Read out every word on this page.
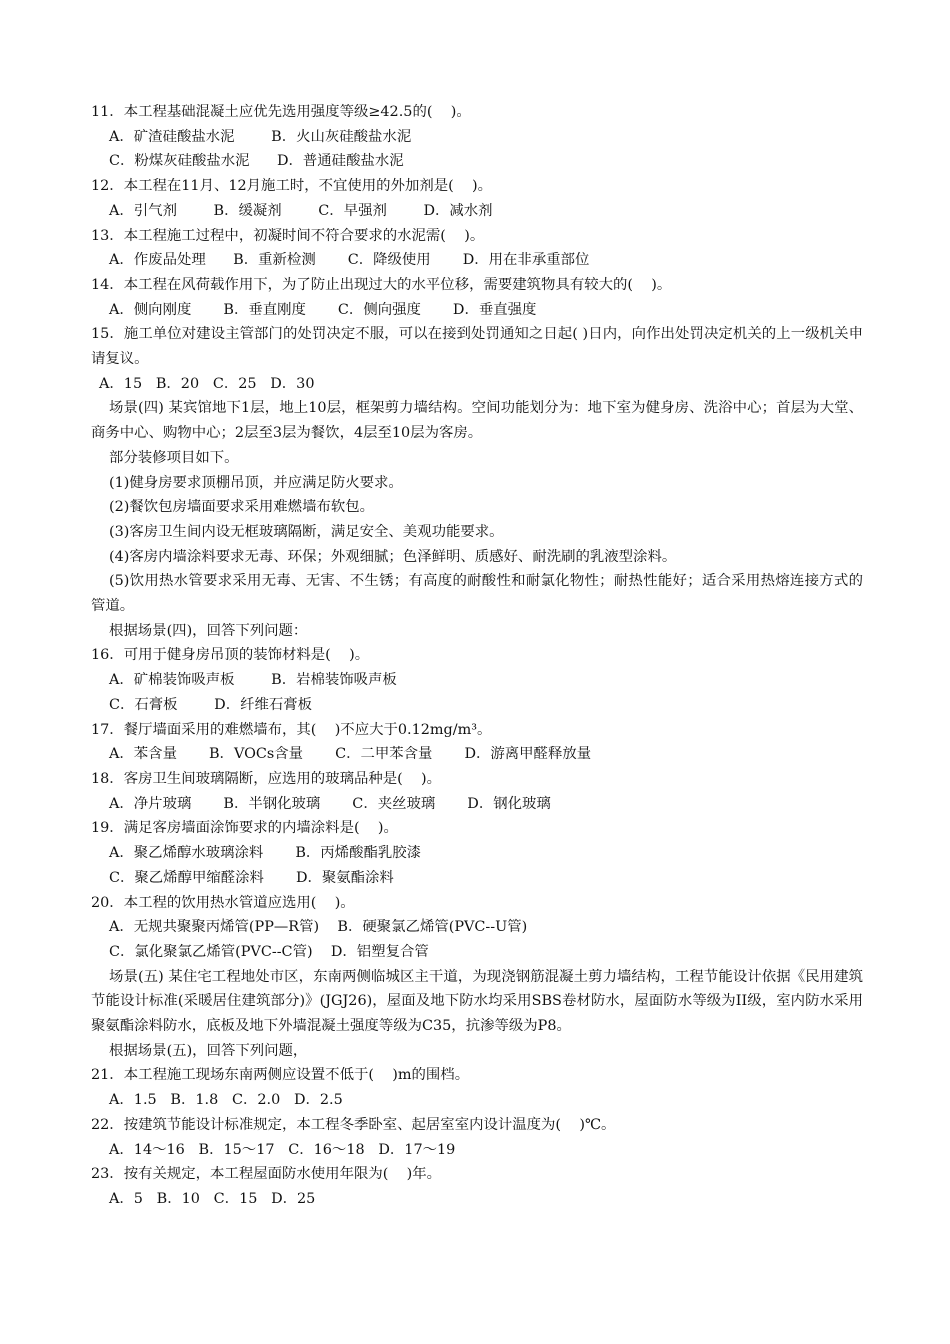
11．本工程基础混凝土应优先选用强度等级≥42.5的(    )。
A．矿渣硅酸盐水泥        B．火山灰硅酸盐水泥
C．粉煤灰硅酸盐水泥      D．普通硅酸盐水泥
12．本工程在11月、12月施工时，不宜使用的外加剂是(    )。
A．引气剂        B．缓凝剂        C．早强剂        D．减水剂
13．本工程施工过程中，初凝时间不符合要求的水泥需(    )。
A．作废品处理      B．重新检测       C．降级使用       D．用在非承重部位
14．本工程在风荷载作用下，为了防止出现过大的水平位移，需要建筑物具有较大的(    )。
A．侧向刚度       B．垂直刚度       C．侧向强度       D．垂直强度
15．施工单位对建设主管部门的处罚决定不服，可以在接到处罚通知之日起( )日内，向作出处罚决定机关的上一级机关申请复议。
A．15   B．20   C．25   D．30
场景(四) 某宾馆地下1层，地上10层，框架剪力墙结构。空间功能划分为：地下室为健身房、洗浴中心；首层为大堂、商务中心、购物中心；2层至3层为餐饮，4层至10层为客房。
部分装修项目如下。
(1)健身房要求顶棚吊顶，并应满足防火要求。
(2)餐饮包房墙面要求采用难燃墙布软包。
(3)客房卫生间内设无框玻璃隔断，满足安全、美观功能要求。
(4)客房内墙涂料要求无毒、环保；外观细腻；色泽鲜明、质感好、耐洗刷的乳液型涂料。
(5)饮用热水管要求采用无毒、无害、不生锈；有高度的耐酸性和耐氯化物性；耐热性能好；适合采用热熔连接方式的管道。
根据场景(四)，回答下列问题：
16．可用于健身房吊顶的装饰材料是(    )。
A．矿棉装饰吸声板        B．岩棉装饰吸声板
C．石膏板        D．纤维石膏板
17．餐厅墙面采用的难燃墙布，其(    )不应大于0.12mg/m³。
A．苯含量       B．VOCs含量       C．二甲苯含量       D．游离甲醛释放量
18．客房卫生间玻璃隔断，应选用的玻璃品种是(    )。
A．净片玻璃       B．半钢化玻璃       C．夹丝玻璃       D．钢化玻璃
19．满足客房墙面涂饰要求的内墙涂料是(    )。
A．聚乙烯醇水玻璃涂料       B．丙烯酸酯乳胶漆
C．聚乙烯醇甲缩醛涂料       D．聚氨酯涂料
20．本工程的饮用热水管道应选用(    )。
A．无规共聚聚丙烯管(PP—R管)    B．硬聚氯乙烯管(PVC--U管)
C．氯化聚氯乙烯管(PVC--C管)    D．铝塑复合管
场景(五) 某住宅工程地处市区，东南两侧临城区主干道，为现浇钢筋混凝土剪力墙结构，工程节能设计依据《民用建筑节能设计标准(采暖居住建筑部分)》(JGJ26)，屋面及地下防水均采用SBS卷材防水，屋面防水等级为II级，室内防水采用聚氨酯涂料防水，底板及地下外墙混凝土强度等级为C35，抗渗等级为P8。
根据场景(五)，回答下列问题，
21．本工程施工现场东南两侧应设置不低于(    )m的围档。
A．1.5   B．1.8   C．2.0   D．2.5
22．按建筑节能设计标准规定，本工程冬季卧室、起居室室内设计温度为(    )℃。
A．14～16   B．15～17   C．16～18   D．17～19
23．按有关规定，本工程屋面防水使用年限为(    )年。
A．5   B．10   C．15   D．25
